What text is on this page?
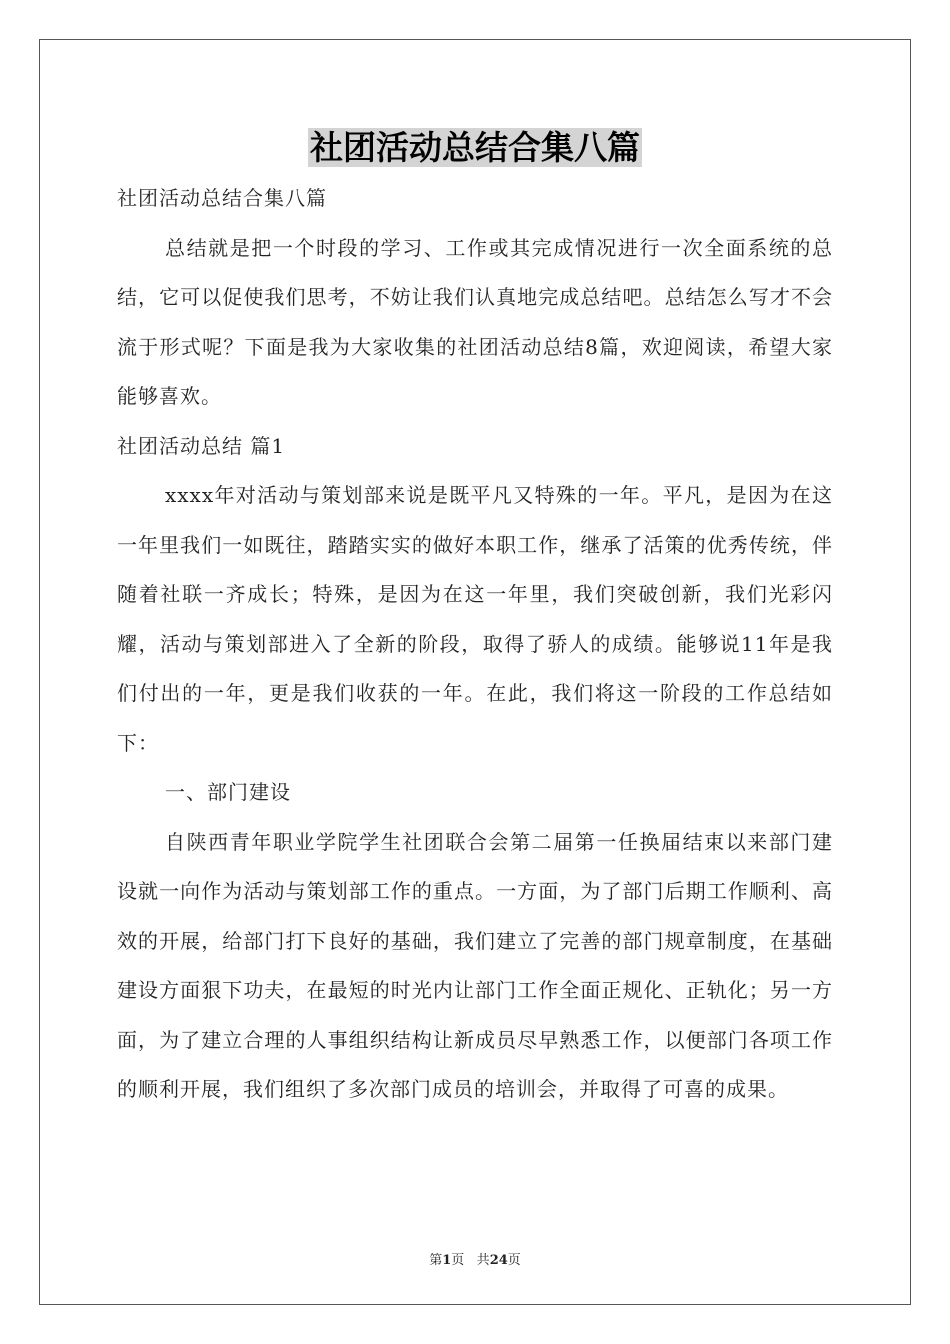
社团活动总结合集八篇

社团活动总结合集八篇

总结就是把一个时段的学习、工作或其完成情况进行一次全面系统的总结，它可以促使我们思考，不妨让我们认真地完成总结吧。总结怎么写才不会流于形式呢？下面是我为大家收集的社团活动总结8篇，欢迎阅读，希望大家能够喜欢。

社团活动总结 篇1

xxxx年对活动与策划部来说是既平凡又特殊的一年。平凡，是因为在这一年里我们一如既往，踏踏实实的做好本职工作，继承了活策的优秀传统，伴随着社联一齐成长；特殊，是因为在这一年里，我们突破创新，我们光彩闪耀，活动与策划部进入了全新的阶段，取得了骄人的成绩。能够说11年是我们付出的一年，更是我们收获的一年。在此，我们将这一阶段的工作总结如下：

一、部门建设

自陕西青年职业学院学生社团联合会第二届第一任换届结束以来部门建设就一向作为活动与策划部工作的重点。一方面，为了部门后期工作顺利、高效的开展，给部门打下良好的基础，我们建立了完善的部门规章制度，在基础建设方面狠下功夫，在最短的时光内让部门工作全面正规化、正轨化；另一方面，为了建立合理的人事组织结构让新成员尽早熟悉工作，以便部门各项工作的顺利开展，我们组织了多次部门成员的培训会，并取得了可喜的成果。

第1页 共24页
